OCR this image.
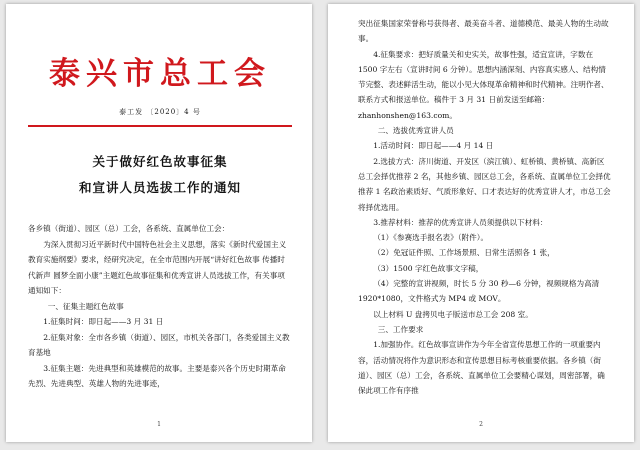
泰兴市总工会
泰工发 〔2020〕4 号
关于做好红色故事征集
和宣讲人员选拔工作的通知

各乡镇（街道）、园区（总）工会，各系统、直属单位工会：

为深入贯彻习近平新时代中国特色社会主义思想，落实《新时代爱国主义教育实施纲要》要求，经研究决定，在全市范围内开展“讲好红色故事 传播时代新声 圆梦全面小康”主题红色故事征集和优秀宣讲人员选拔工作，有关事项通知如下：

一、征集主题红色故事

1.征集时间：即日起——3 月 31 日

2.征集对象：全市各乡镇（街道）、园区，市机关各部门，各类爱国主义教育基地

3.征集主题：先进典型和英雄模范的故事。主要是泰兴各个历史时期革命先烈、先进典型、英雄人物的先进事迹，

1

突出征集国家荣誉称号获得者、最美奋斗者、道德模范、最美人物的生动故事。

4.征集要求：把好质量关和史实关，故事性强，适宜宣讲，字数在 1500 字左右（宣讲时间 6 分钟）。思想内涵深刻、内容真实感人、结构情节完整、表述鲜活生动，能以小见大体现革命精神和时代精神。注明作者、联系方式和报送单位。稿件于 3 月 31 日前发送至邮箱：

zhanhonshen@163.com。

二、选拔优秀宣讲人员

1.活动时间：即日起——4 月 14 日

2.选拔方式：济川街道、开发区（滨江镇）、虹桥镇、黄桥镇、高新区总工会择优推荐 2 名，其他乡镇、园区总工会，各系统、直属单位工会择优推荐 1 名政治素质好、气质形象好、口才表达好的优秀宣讲人才，市总工会将择优选用。

3.推荐材料：推荐的优秀宣讲人员须提供以下材料：

（1）《参赛选手报名表》（附件）。

（2）免冠证件照、工作场景照、日常生活照各 1 张，

（3）1500 字红色故事文字稿，

（4）完整的宣讲视频，时长 5 分 30 秒—6 分钟，视频规格为高清 1920*1080，文件格式为 MP4 或 MOV。

以上材料 U 盘拷贝电子版送市总工会 208 室。

三、工作要求

1.加强协作。红色故事宣讲作为今年全省宣传思想工作的一项重要内容，活动情况将作为意识形态和宣传思想目标考核重要依据。各乡镇（街道）、园区（总）工会，各系统、直属单位工会要精心谋划，周密部署，确保此项工作有序推

2
